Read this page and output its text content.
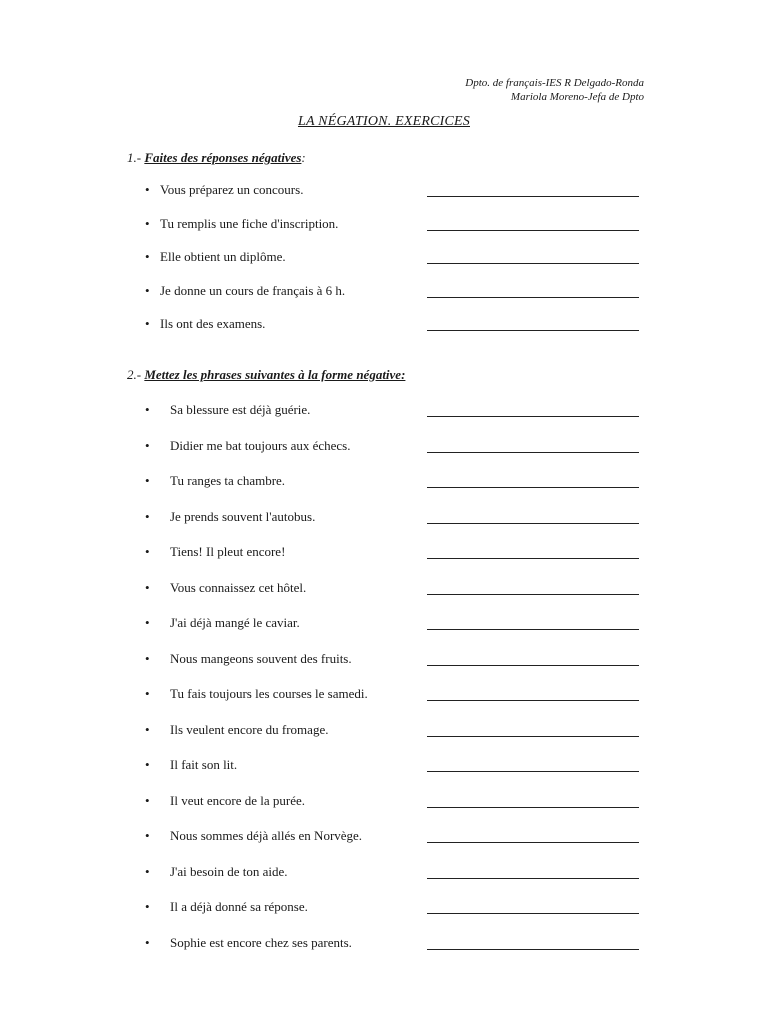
Dpto. de français-IES R Delgado-Ronda
Mariola Moreno-Jefa de Dpto
LA NÉGATION. EXERCICES
1.- Faites des réponses négatives:
• Vous préparez un concours.
• Tu remplis une fiche d'inscription.
• Elle obtient un diplôme.
• Je donne un cours de français à 6 h.
• Ils ont des examens.
2.- Mettez les phrases suivantes à la forme négative:
• Sa blessure est déjà guérie.
• Didier me bat toujours aux échecs.
• Tu ranges ta chambre.
• Je prends souvent l'autobus.
• Tiens! Il pleut encore!
• Vous connaissez cet hôtel.
• J'ai déjà mangé le caviar.
• Nous mangeons souvent des fruits.
• Tu fais toujours les courses le samedi.
• Ils veulent encore du fromage.
• Il fait son lit.
• Il veut encore de la purée.
• Nous sommes déjà allés en Norvège.
• J'ai besoin de ton aide.
• Il a déjà donné sa réponse.
• Sophie est encore chez ses parents.
